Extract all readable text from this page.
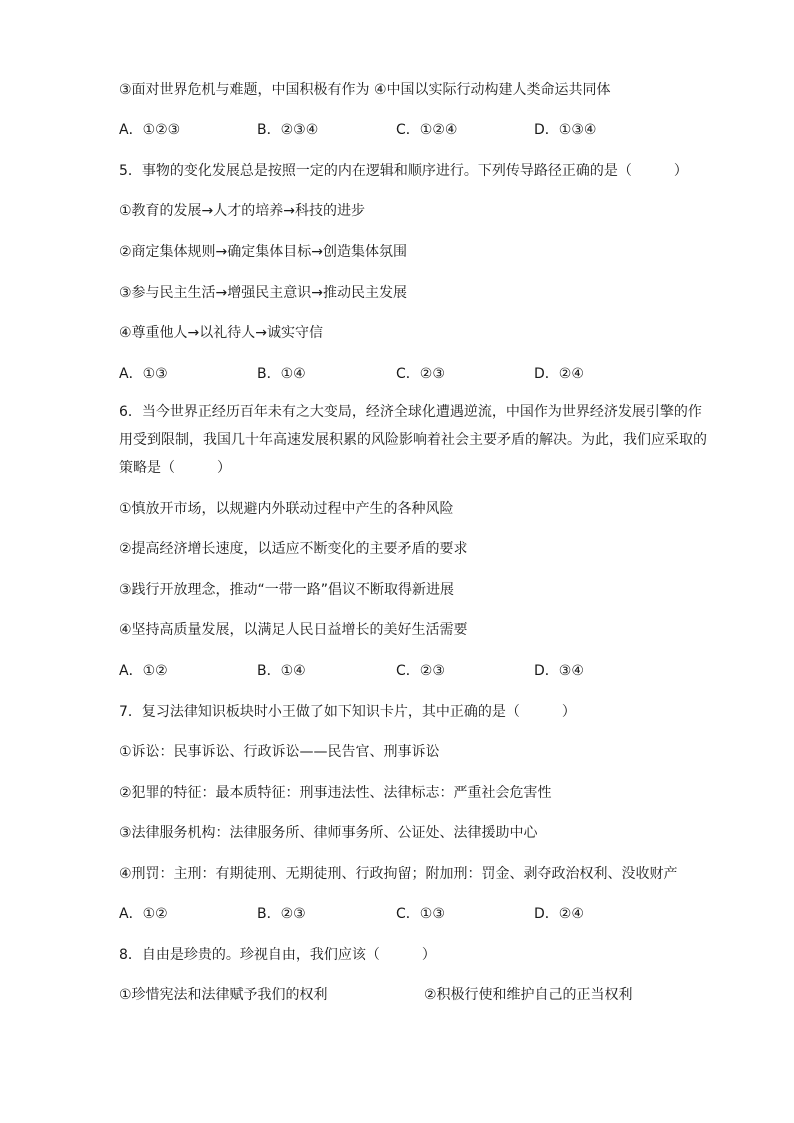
③面对世界危机与难题，中国积极有作为 ④中国以实际行动构建人类命运共同体
A．①②③	B．②③④	C．①②④	D．①③④
5．事物的变化发展总是按照一定的内在逻辑和顺序进行。下列传导路径正确的是（　　　）
①教育的发展→人才的培养→科技的进步
②商定集体规则→确定集体目标→创造集体氛围
③参与民主生活→增强民主意识→推动民主发展
④尊重他人→以礼待人→诚实守信
A．①③	B．①④	C．②③	D．②④
6．当今世界正经历百年未有之大变局，经济全球化遭遇逆流，中国作为世界经济发展引擎的作用受到限制，我国几十年高速发展积累的风险影响着社会主要矛盾的解决。为此，我们应采取的策略是（　　　）
①慎放开市场，以规避内外联动过程中产生的各种风险
②提高经济增长速度，以适应不断变化的主要矛盾的要求
③践行开放理念，推动“一带一路”倡议不断取得新进展
④坚持高质量发展，以满足人民日益增长的美好生活需要
A．①②	B．①④	C．②③	D．③④
7．复习法律知识板块时小王做了如下知识卡片，其中正确的是（　　　）
①诉讼：民事诉讼、行政诉讼——民告官、刑事诉讼
②犯罪的特征：最本质特征：刑事违法性、法律标志：严重社会危害性
③法律服务机构：法律服务所、律师事务所、公证处、法律援助中心
④刑罚：主刑：有期徒刑、无期徒刑、行政拘留；附加刑：罚金、剥夺政治权利、没收财产
A．①②	B．②③	C．①③	D．②④
8．自由是珍贵的。珍视自由，我们应该（　　　）
①珍惜宪法和法律赋予我们的权利	②积极行使和维护自己的正当权利
